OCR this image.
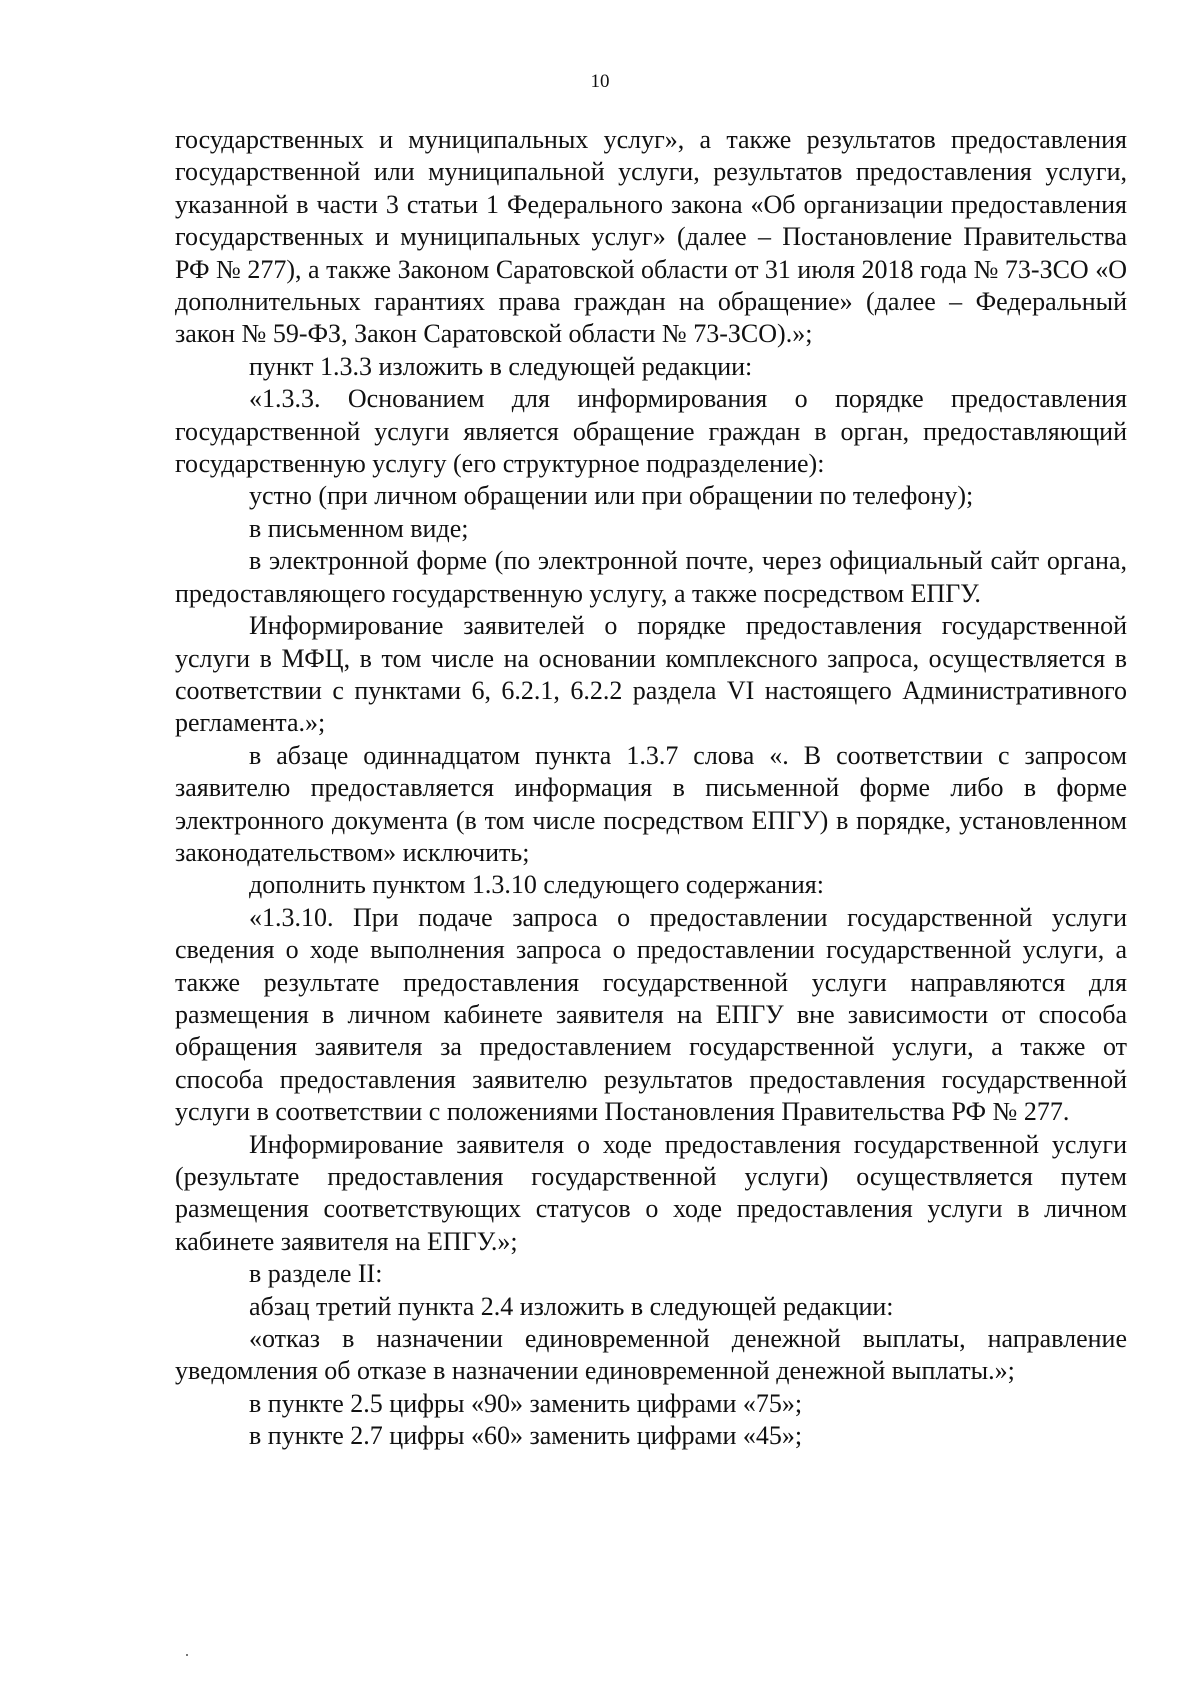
10

государственных и муниципальных услуг», а также результатов предоставления государственной или муниципальной услуги, результатов предоставления услуги, указанной в части 3 статьи 1 Федерального закона «Об организации предоставления государственных и муниципальных услуг» (далее – Постановление Правительства РФ № 277), а также Законом Саратовской области от 31 июля 2018 года № 73-ЗСО «О дополнительных гарантиях права граждан на обращение» (далее – Федеральный закон № 59-ФЗ, Закон Саратовской области № 73-ЗСО).»;

пункт 1.3.3 изложить в следующей редакции:

«1.3.3. Основанием для информирования о порядке предоставления государственной услуги является обращение граждан в орган, предоставляющий государственную услугу (его структурное подразделение):

устно (при личном обращении или при обращении по телефону);

в письменном виде;

в электронной форме (по электронной почте, через официальный сайт органа, предоставляющего государственную услугу, а также посредством ЕПГУ.

Информирование заявителей о порядке предоставления государственной услуги в МФЦ, в том числе на основании комплексного запроса, осуществляется в соответствии с пунктами 6, 6.2.1, 6.2.2 раздела VI настоящего Административного регламента.»;

в абзаце одиннадцатом пункта 1.3.7 слова «. В соответствии с запросом заявителю предоставляется информация в письменной форме либо в форме электронного документа (в том числе посредством ЕПГУ) в порядке, установленном законодательством» исключить;

дополнить пунктом 1.3.10 следующего содержания:

«1.3.10. При подаче запроса о предоставлении государственной услуги сведения о ходе выполнения запроса о предоставлении государственной услуги, а также результате предоставления государственной услуги направляются для размещения в личном кабинете заявителя на ЕПГУ вне зависимости от способа обращения заявителя за предоставлением государственной услуги, а также от способа предоставления заявителю результатов предоставления государственной услуги в соответствии с положениями Постановления Правительства РФ № 277.

Информирование заявителя о ходе предоставления государственной услуги (результате предоставления государственной услуги) осуществляется путем размещения соответствующих статусов о ходе предоставления услуги в личном кабинете заявителя на ЕПГУ.»;

в разделе II:

абзац третий пункта 2.4 изложить в следующей редакции:

«отказ в назначении единовременной денежной выплаты, направление уведомления об отказе в назначении единовременной денежной выплаты.»;

в пункте 2.5 цифры «90» заменить цифрами «75»;

в пункте 2.7 цифры «60» заменить цифрами «45»;
